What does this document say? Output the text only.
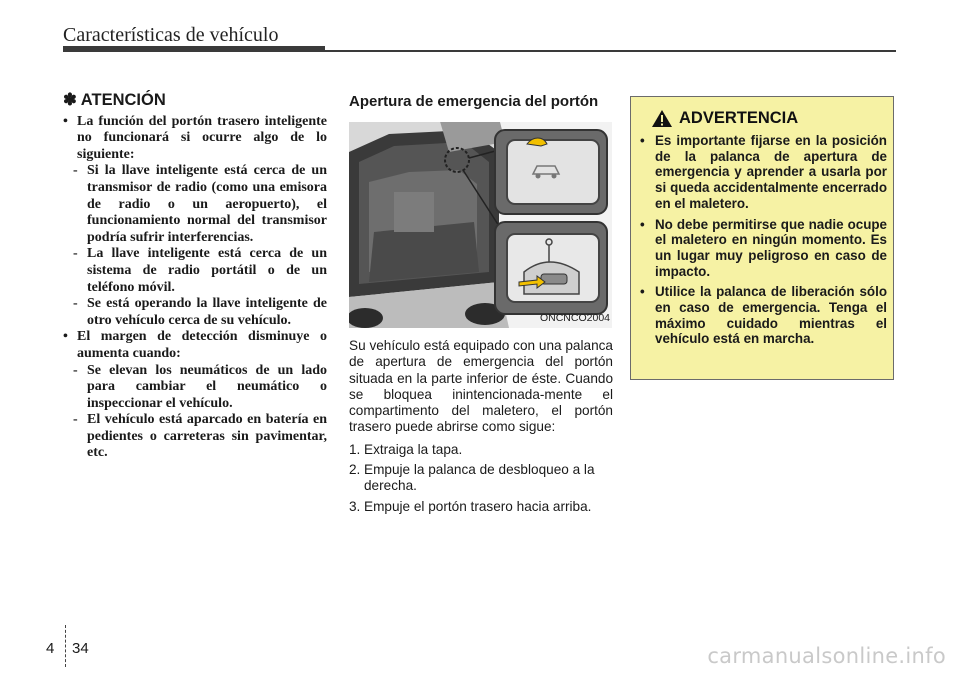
Características de vehículo
✽ ATENCIÓN
• La función del portón trasero inteligente no funcionará si ocurre algo de lo siguiente:
- Si la llave inteligente está cerca de un transmisor de radio (como una emisora de radio o un aeropuerto), el funcionamiento normal del transmisor podría sufrir interferencias.
- La llave inteligente está cerca de un sistema de radio portátil o de un teléfono móvil.
- Se está operando la llave inteligente de otro vehículo cerca de su vehículo.
• El margen de detección disminuye o aumenta cuando:
- Se elevan los neumáticos de un lado para cambiar el neumático o inspeccionar el vehículo.
- El vehículo está aparcado en batería en pedientes o carreteras sin pavimentar, etc.
Apertura de emergencia del portón
ONCNCO2004

Su vehículo está equipado con una palanca de apertura de emergencia del portón situada en la parte inferior de éste. Cuando se bloquea inintencionada-mente el compartimento del maletero, el portón trasero puede abrirse como sigue:

1. Extraiga la tapa.
2. Empuje la palanca de desbloqueo a la derecha.
3. Empuje el portón trasero hacia arriba.
ADVERTENCIA
• Es importante fijarse en la posición de la palanca de apertura de emergencia y aprender a usarla por si queda accidentalmente encerrado en el maletero.
• No debe permitirse que nadie ocupe el maletero en ningún momento. Es un lugar muy peligroso en caso de impacto.
• Utilice la palanca de liberación sólo en caso de emergencia. Tenga el máximo cuidado mientras el vehículo está en marcha.
4 34	carmanualsonline.info
